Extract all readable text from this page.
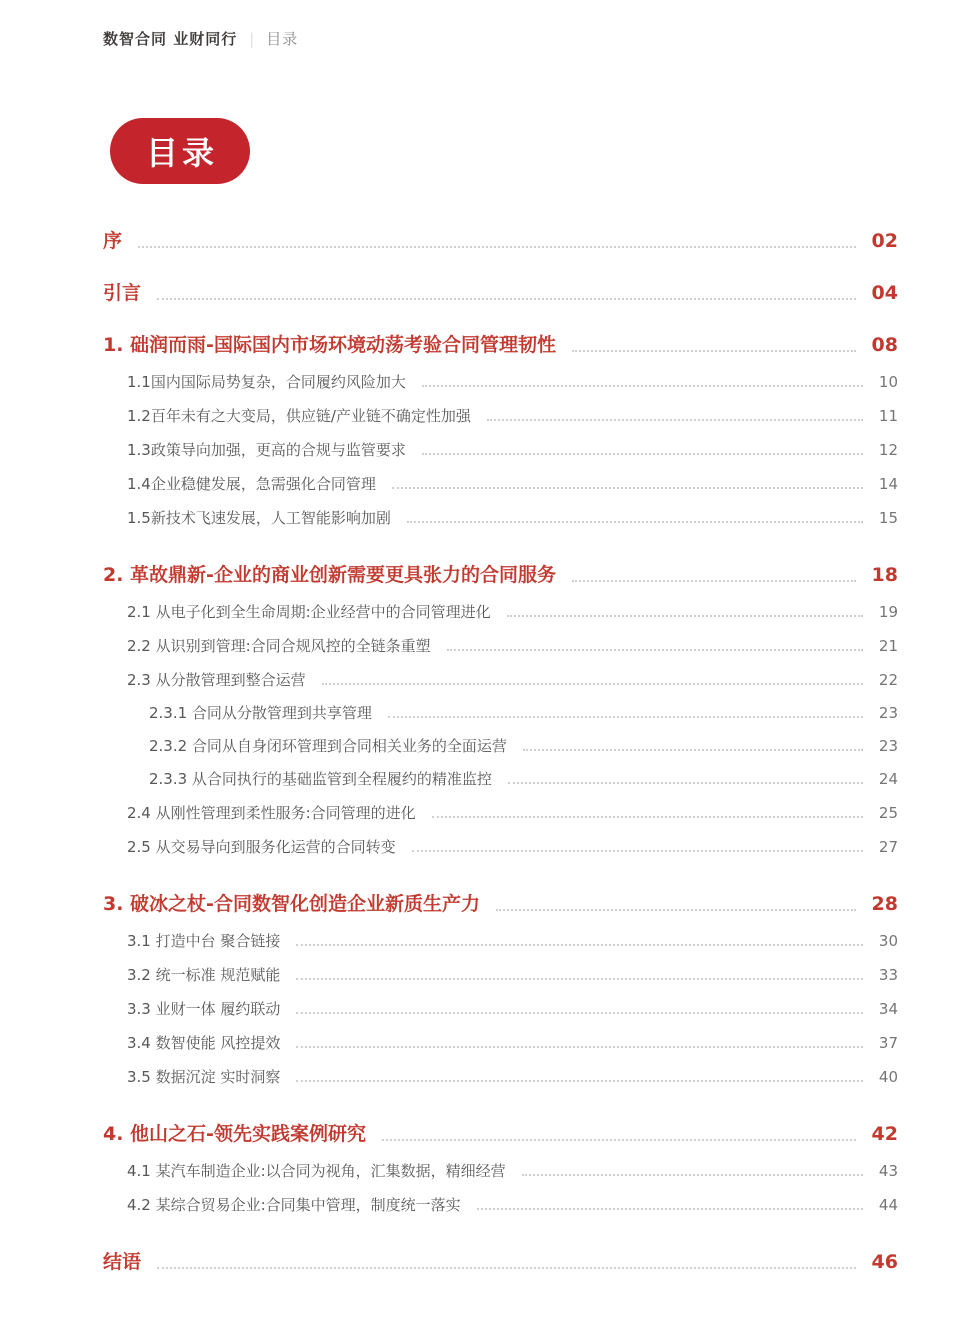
数智合同 业财同行 | 目录
目录
序	02
引言	04
1. 础润而雨-国际国内市场环境动荡考验合同管理韧性	08
1.1国内国际局势复杂，合同履约风险加大	10
1.2百年未有之大变局，供应链/产业链不确定性加强	11
1.3政策导向加强，更高的合规与监管要求	12
1.4企业稳健发展，急需强化合同管理	14
1.5新技术飞速发展，人工智能影响加剧	15
2. 革故鼎新-企业的商业创新需要更具张力的合同服务	18
2.1 从电子化到全生命周期:企业经营中的合同管理进化	19
2.2 从识别到管理:合同合规风控的全链条重塑	21
2.3 从分散管理到整合运营	22
2.3.1 合同从分散管理到共享管理	23
2.3.2 合同从自身闭环管理到合同相关业务的全面运营	23
2.3.3 从合同执行的基础监管到全程履约的精准监控	24
2.4 从刚性管理到柔性服务:合同管理的进化	25
2.5 从交易导向到服务化运营的合同转变	27
3. 破冰之杖-合同数智化创造企业新质生产力	28
3.1 打造中台 聚合链接	30
3.2 统一标准 规范赋能	33
3.3 业财一体 履约联动	34
3.4 数智使能 风控提效	37
3.5 数据沉淀 实时洞察	40
4. 他山之石-领先实践案例研究	42
4.1 某汽车制造企业:以合同为视角，汇集数据，精细经营	43
4.2 某综合贸易企业:合同集中管理，制度统一落实	44
结语	46
